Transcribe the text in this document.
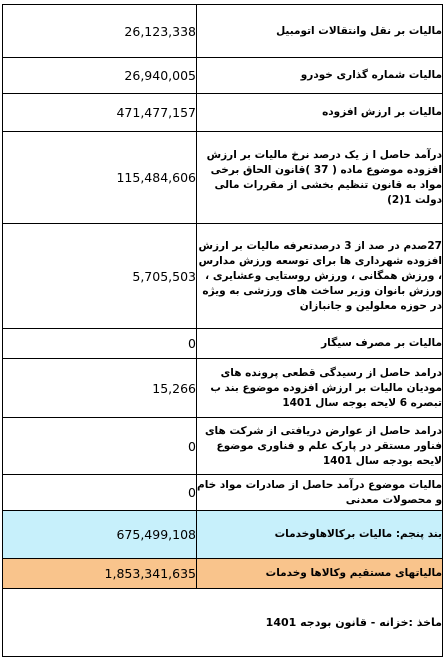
26,123,338	مالیات بر نقل وانتقالات اتومبیل
26,940,005	مالیات شماره گذاری خودرو
471,477,157	مالیات بر ارزش افزوده
115,484,606	درآمد حاصل ا ز یک درصد نرخ مالیات بر ارزش افزوده موضوع ماده ( 37 )قانون الحاق برخی مواد به قانون تنظیم بخشی از مقررات مالی دولت 1(2)
5,705,503	27صدم در صد از 3 درصدتعرفه مالیات بر ارزش افزوده شهرداری ها برای توسعه ورزش مدارس ، ورزش همگانی ، ورزش روستایی وعشایری ، ورزش بانوان وزیر ساخت های ورزشی به ویژه در حوزه معلولین و جانبازان
0	مالیات بر مصرف سیگار
15,266	درامد حاصل از رسیدگی قطعی پرونده های مودیان مالیات بر ارزش افزوده موضوع بند ب تبصره 6 لایحه بوجه سال 1401
0	درامد حاصل از عوارض دریافتی از شرکت های فناور مستقر در پارک علم و فناوری موضوع لایحه بودجه سال 1401
0	مالیات موضوع درآمد حاصل از صادرات مواد خام و محصولات معدنی
675,499,108	بند پنجم: مالیات برکالاهاوخدمات
1,853,341,635	مالیاتهای مستقیم وکالاها وخدمات
ماخذ :خزانه - قانون بودجه 1401	
